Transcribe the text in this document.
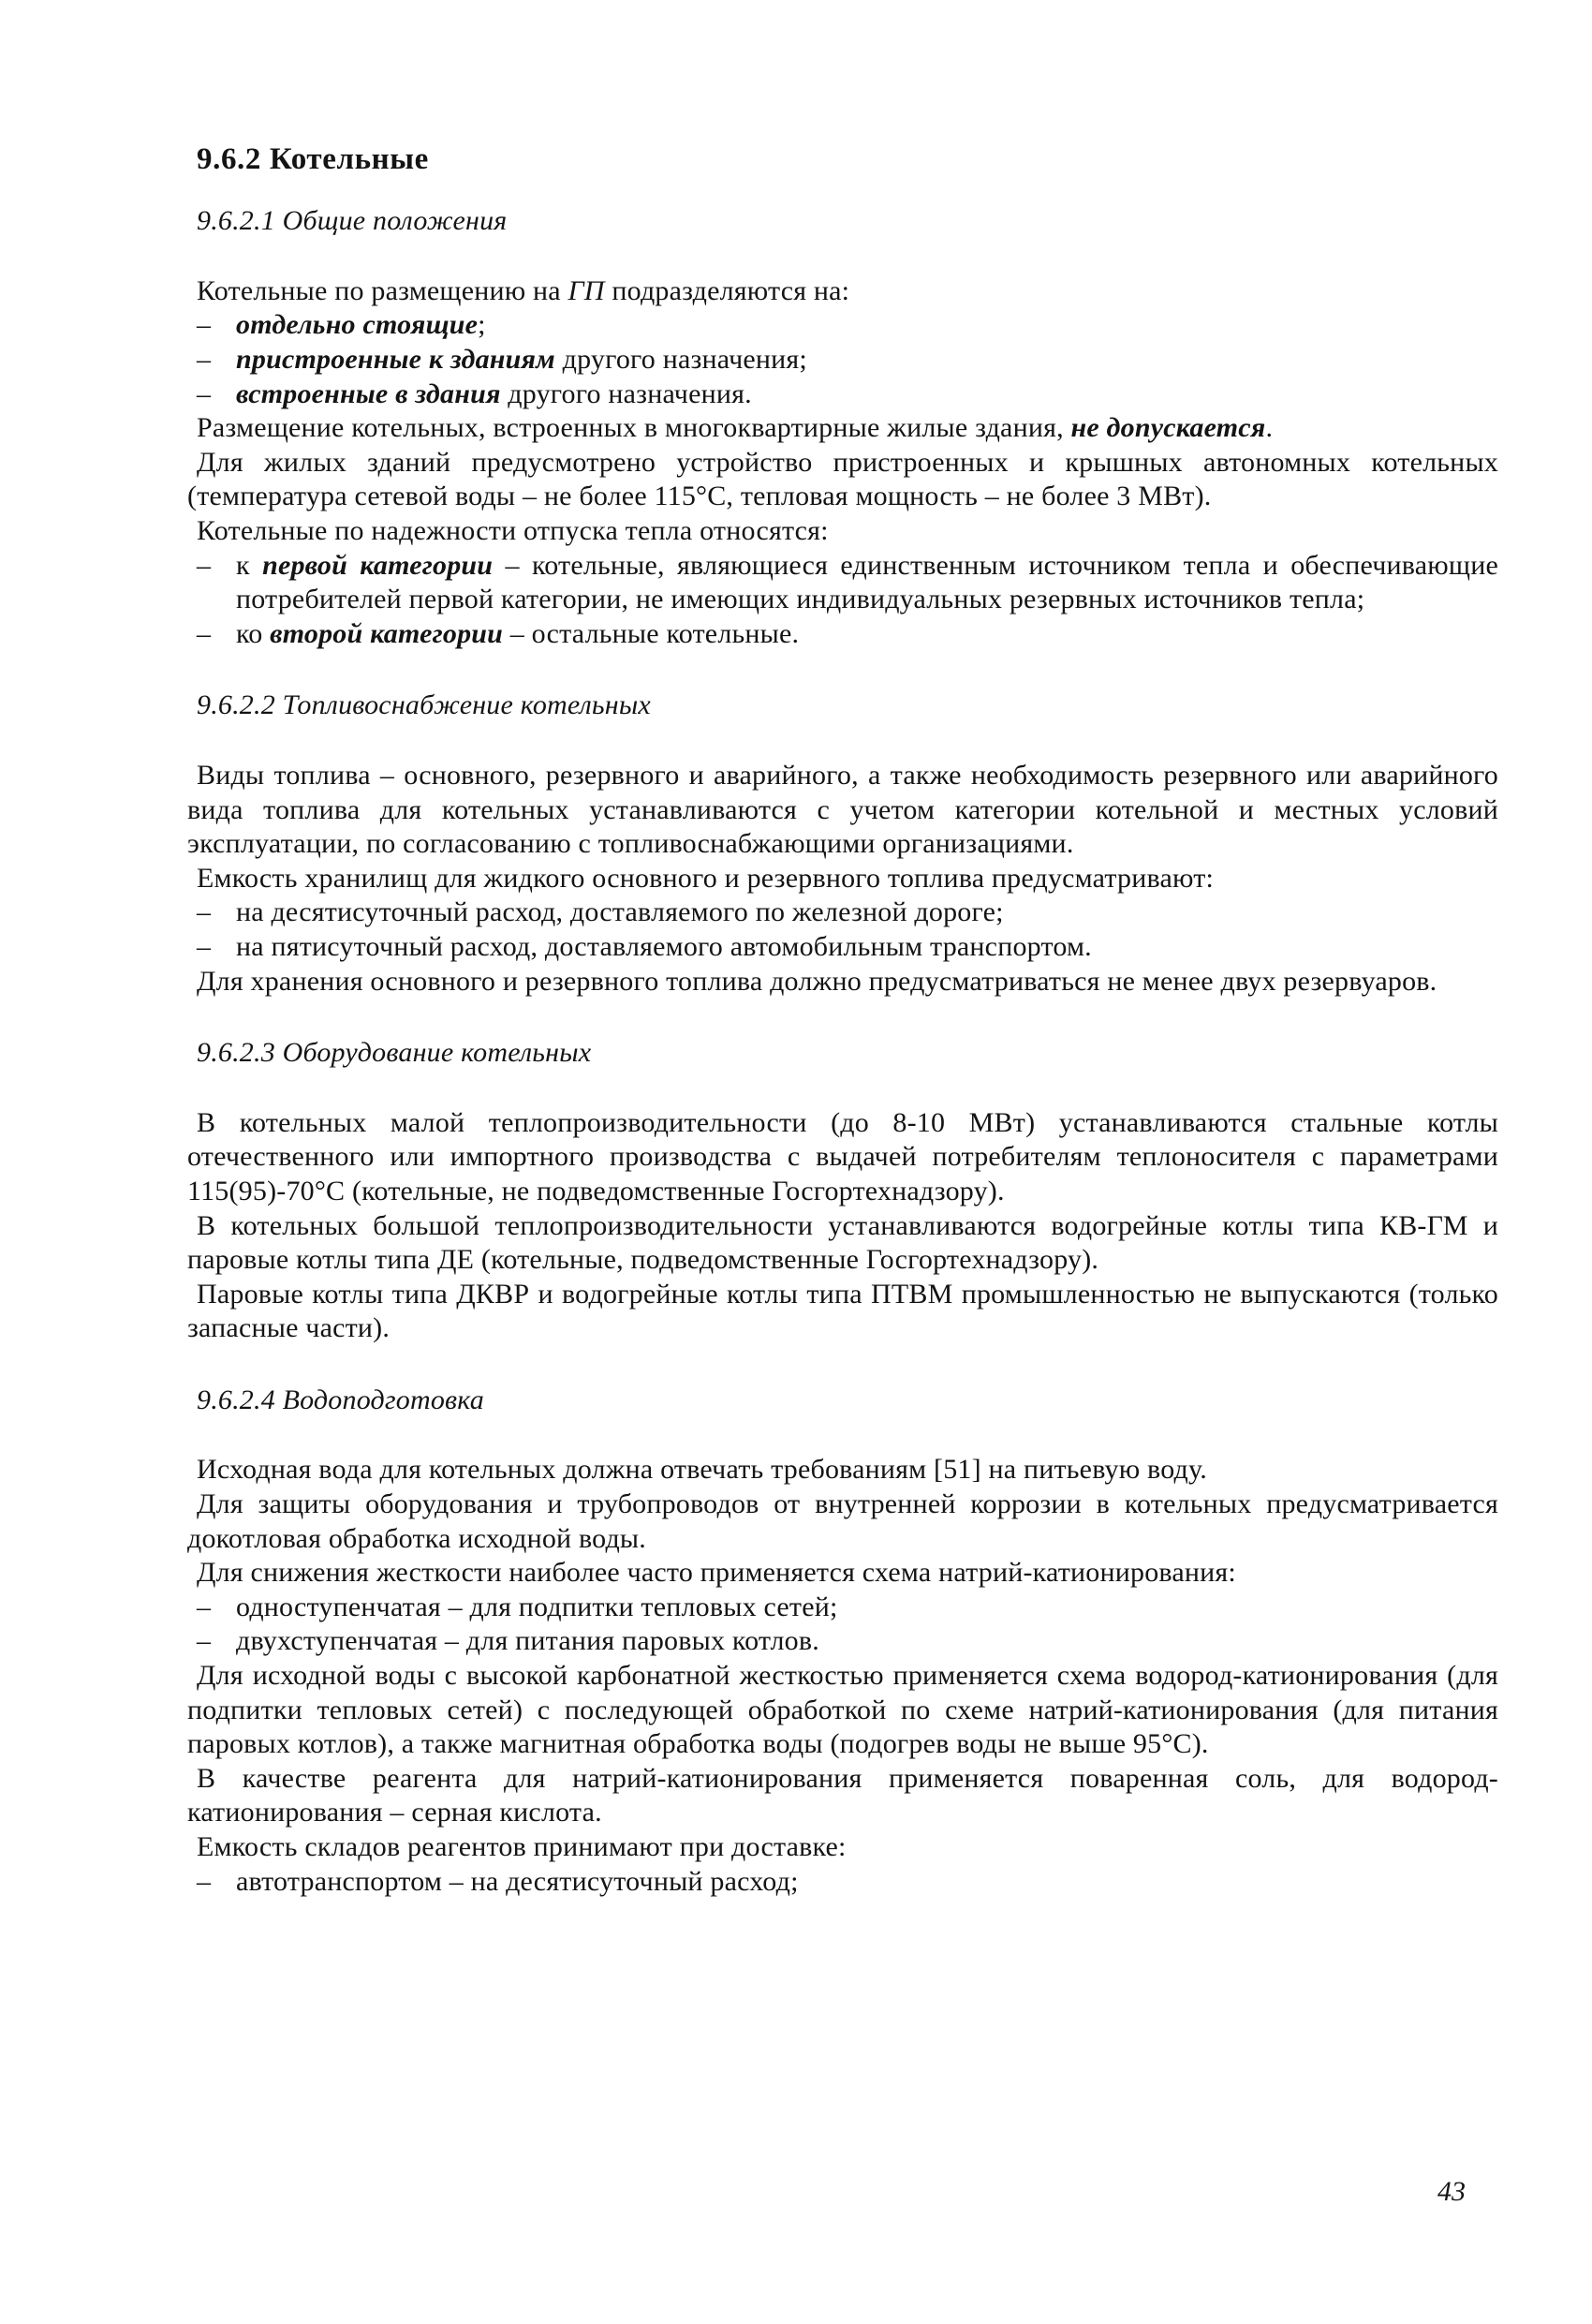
9.6.2 Котельные
9.6.2.1 Общие положения

Котельные по размещению на ГП подразделяются на:

– отдельно стоящие;
– пристроенные к зданиям другого назначения;
– встроенные в здания другого назначения.

Размещение котельных, встроенных в многоквартирные жилые здания, не допускается.

Для жилых зданий предусмотрено устройство пристроенных и крышных автономных котельных (температура сетевой воды – не более 115°С, тепловая мощность – не более 3 МВт).

Котельные по надежности отпуска тепла относятся:

– к первой категории – котельные, являющиеся единственным источником тепла и обеспечивающие потребителей первой категории, не имеющих индивидуальных резервных источников тепла;
– ко второй категории – остальные котельные.
9.6.2.2 Топливоснабжение котельных

Виды топлива – основного, резервного и аварийного, а также необходимость резервного или аварийного вида топлива для котельных устанавливаются с учетом категории котельной и местных условий эксплуатации, по согласованию с топливоснабжающими организациями.

Емкость хранилищ для жидкого основного и резервного топлива предусматривают:

– на десятисуточный расход, доставляемого по железной дороге;
– на пятисуточный расход, доставляемого автомобильным транспортом.

Для хранения основного и резервного топлива должно предусматриваться не менее двух резервуаров.

9.6.2.3 Оборудование котельных

В котельных малой теплопроизводительности (до 8-10 МВт) устанавливаются стальные котлы отечественного или импортного производства с выдачей потребителям теплоносителя с параметрами 115(95)-70°С (котельные, не подведомственные Госгортехнадзору).

В котельных большой теплопроизводительности устанавливаются водогрейные котлы типа КВ-ГМ и паровые котлы типа ДЕ (котельные, подведомственные Госгортехнадзору).

Паровые котлы типа ДКВР и водогрейные котлы типа ПТВМ промышленностью не выпускаются (только запасные части).

9.6.2.4 Водоподготовка

Исходная вода для котельных должна отвечать требованиям [51] на питьевую воду.

Для защиты оборудования и трубопроводов от внутренней коррозии в котельных предусматривается докотловая обработка исходной воды.

Для снижения жесткости наиболее часто применяется схема натрий-катионирования:

– одноступенчатая – для подпитки тепловых сетей;
– двухступенчатая – для питания паровых котлов.

Для исходной воды с высокой карбонатной жесткостью применяется схема водород-катионирования (для подпитки тепловых сетей) с последующей обработкой по схеме натрий-катионирования (для питания паровых котлов), а также магнитная обработка воды (подогрев воды не выше 95°С).

В качестве реагента для натрий-катионирования применяется поваренная соль, для водород-катионирования – серная кислота.

Емкость складов реагентов принимают при доставке:

– автотранспортом – на десятисуточный расход;
43
